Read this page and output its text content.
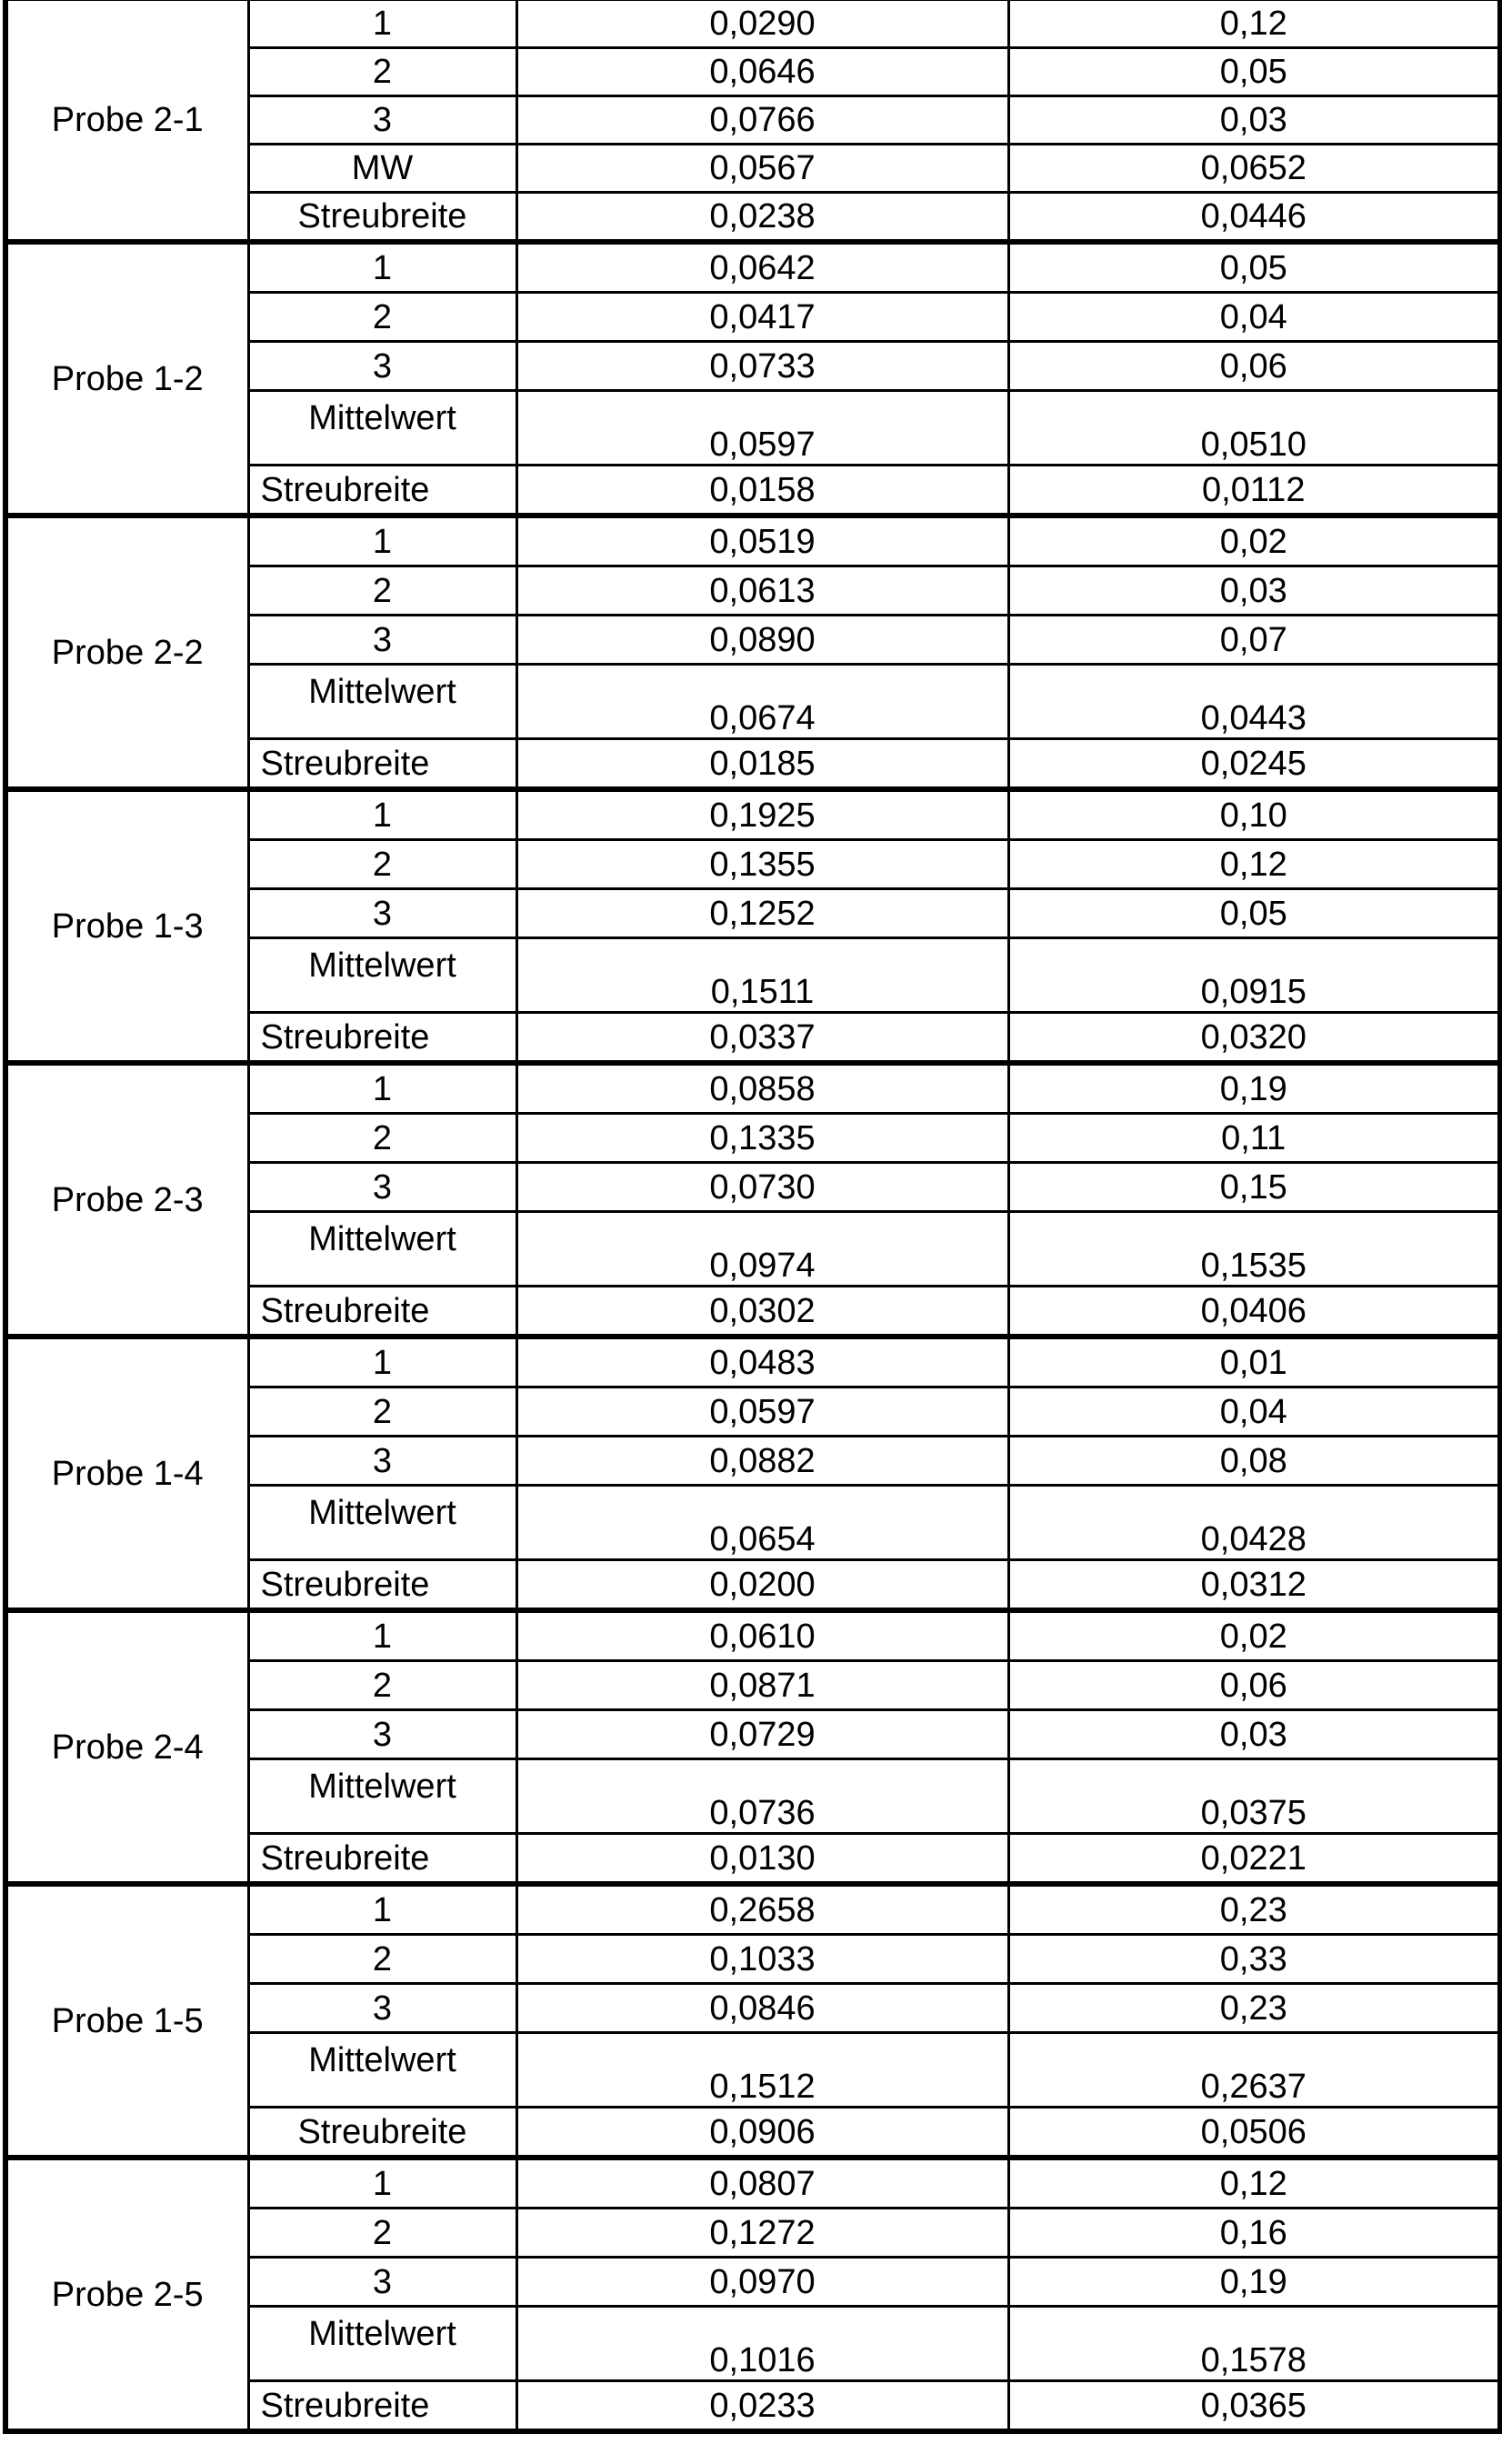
Probe 2-1	1	0,0290	0,12
2	0,0646	0,05
3	0,0766	0,03
MW	0,0567	0,0652
Streubreite	0,0238	0,0446
Probe 1-2	1	0,0642	0,05
2	0,0417	0,04
3	0,0733	0,06
Mittelwert	0,0597	0,0510
Streubreite	0,0158	0,0112
Probe 2-2	1	0,0519	0,02
2	0,0613	0,03
3	0,0890	0,07
Mittelwert	0,0674	0,0443
Streubreite	0,0185	0,0245
Probe 1-3	1	0,1925	0,10
2	0,1355	0,12
3	0,1252	0,05
Mittelwert	0,1511	0,0915
Streubreite	0,0337	0,0320
Probe 2-3	1	0,0858	0,19
2	0,1335	0,11
3	0,0730	0,15
Mittelwert	0,0974	0,1535
Streubreite	0,0302	0,0406
Probe 1-4	1	0,0483	0,01
2	0,0597	0,04
3	0,0882	0,08
Mittelwert	0,0654	0,0428
Streubreite	0,0200	0,0312
Probe 2-4	1	0,0610	0,02
2	0,0871	0,06
3	0,0729	0,03
Mittelwert	0,0736	0,0375
Streubreite	0,0130	0,0221
Probe 1-5	1	0,2658	0,23
2	0,1033	0,33
3	0,0846	0,23
Mittelwert	0,1512	0,2637
Streubreite	0,0906	0,0506
Probe 2-5	1	0,0807	0,12
2	0,1272	0,16
3	0,0970	0,19
Mittelwert	0,1016	0,1578
Streubreite	0,0233	0,0365
